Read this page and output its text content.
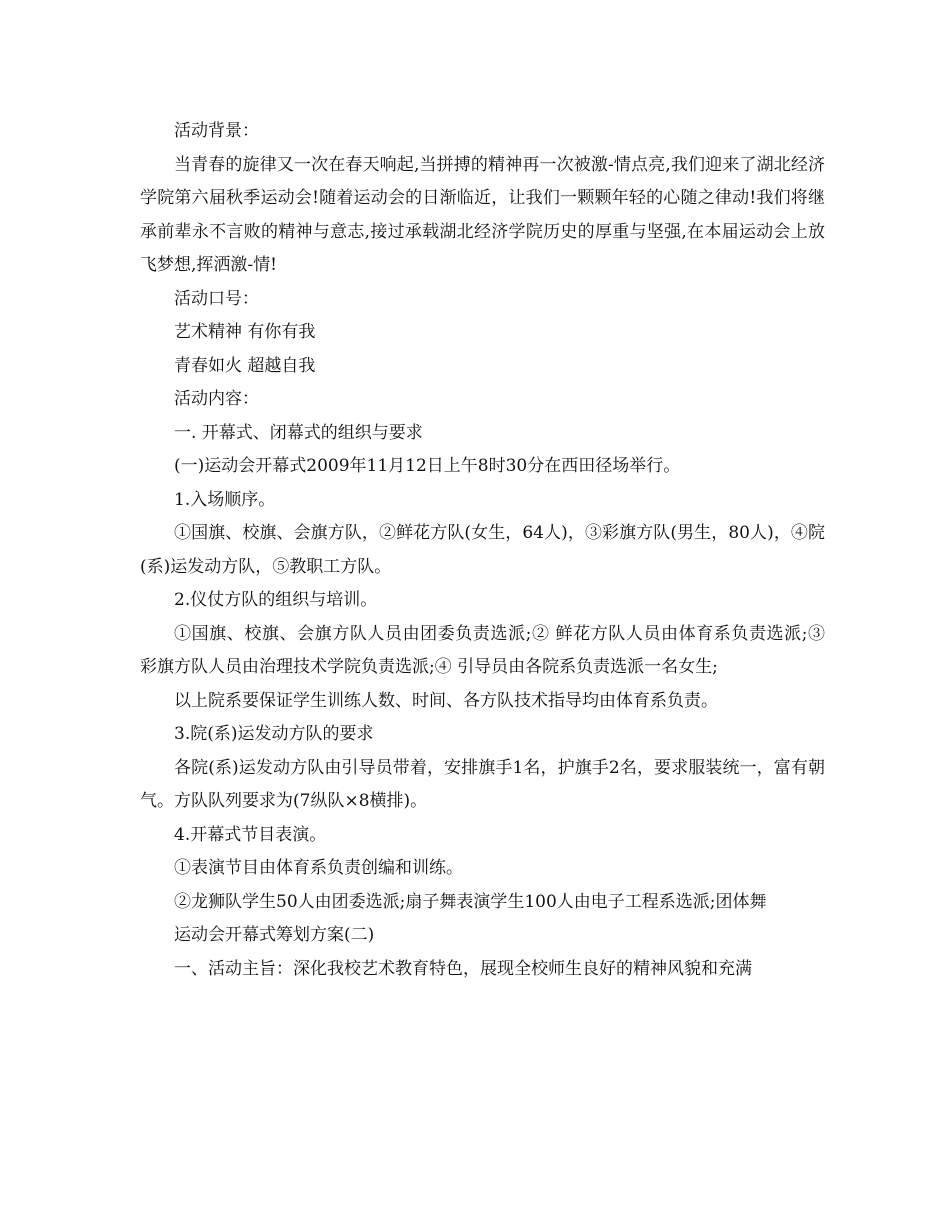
活动背景：

当青春的旋律又一次在春天响起,当拼搏的精神再一次被激-情点亮,我们迎来了湖北经济学院第六届秋季运动会!随着运动会的日渐临近，让我们一颗颗年轻的心随之律动!我们将继承前辈永不言败的精神与意志,接过承载湖北经济学院历史的厚重与坚强,在本届运动会上放飞梦想,挥洒激-情!

活动口号：

艺术精神 有你有我

青春如火 超越自我

活动内容：

一. 开幕式、闭幕式的组织与要求

(一)运动会开幕式2009年11月12日上午8时30分在西田径场举行。

1.入场顺序。

①国旗、校旗、会旗方队，②鲜花方队(女生，64人)，③彩旗方队(男生，80人)，④院(系)运发动方队，⑤教职工方队。

2.仪仗方队的组织与培训。

①国旗、校旗、会旗方队人员由团委负责选派;② 鲜花方队人员由体育系负责选派;③ 彩旗方队人员由治理技术学院负责选派;④ 引导员由各院系负责选派一名女生;

以上院系要保证学生训练人数、时间、各方队技术指导均由体育系负责。

3.院(系)运发动方队的要求

各院(系)运发动方队由引导员带着，安排旗手1名，护旗手2名，要求服装统一，富有朝气。方队队列要求为(7纵队×8横排)。

4.开幕式节目表演。

①表演节目由体育系负责创编和训练。

②龙狮队学生50人由团委选派;扇子舞表演学生100人由电子工程系选派;团体舞

运动会开幕式筹划方案(二)

一、活动主旨：深化我校艺术教育特色，展现全校师生良好的精神风貌和充满
